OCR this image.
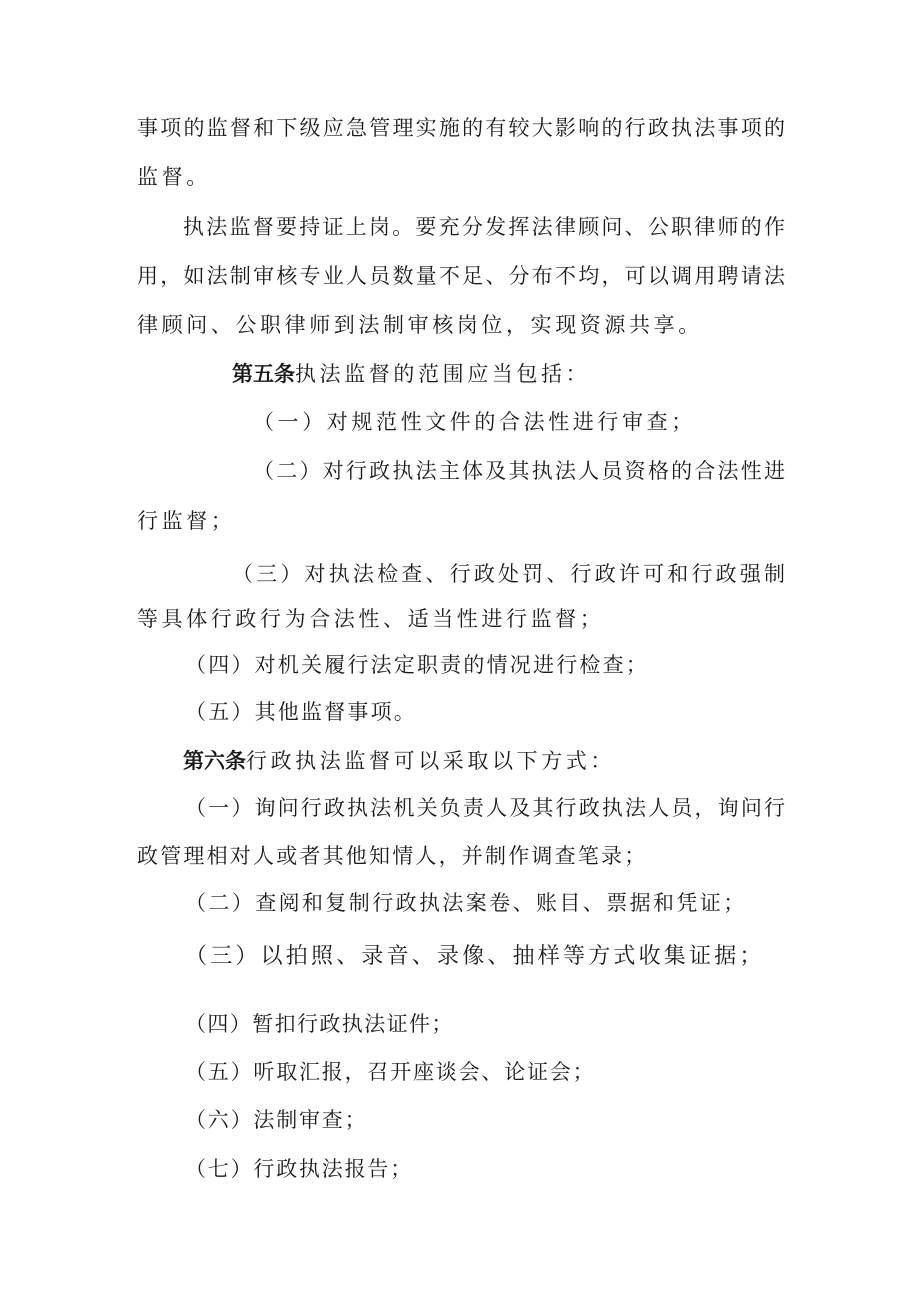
事项的监督和下级应急管理实施的有较大影响的行政执法事项的
监督。
执法监督要持证上岗。要充分发挥法律顾问、公职律师的作
用，如法制审核专业人员数量不足、分布不均，可以调用聘请法
律顾问、公职律师到法制审核岗位，实现资源共享。
第五条执法监督的范围应当包括：
（一）对规范性文件的合法性进行审查；
（二）对行政执法主体及其执法人员资格的合法性进
行监督；
（三）对执法检查、行政处罚、行政许可和行政强制
等具体行政行为合法性、适当性进行监督；
（四）对机关履行法定职责的情况进行检查；
（五）其他监督事项。
第六条行政执法监督可以采取以下方式：
（一）询问行政执法机关负责人及其行政执法人员，询问行
政管理相对人或者其他知情人，并制作调查笔录；
（二）查阅和复制行政执法案卷、账目、票据和凭证；
（三）以拍照、录音、录像、抽样等方式收集证据；
（四）暂扣行政执法证件；
（五）听取汇报，召开座谈会、论证会；
（六）法制审查；
（七）行政执法报告；
